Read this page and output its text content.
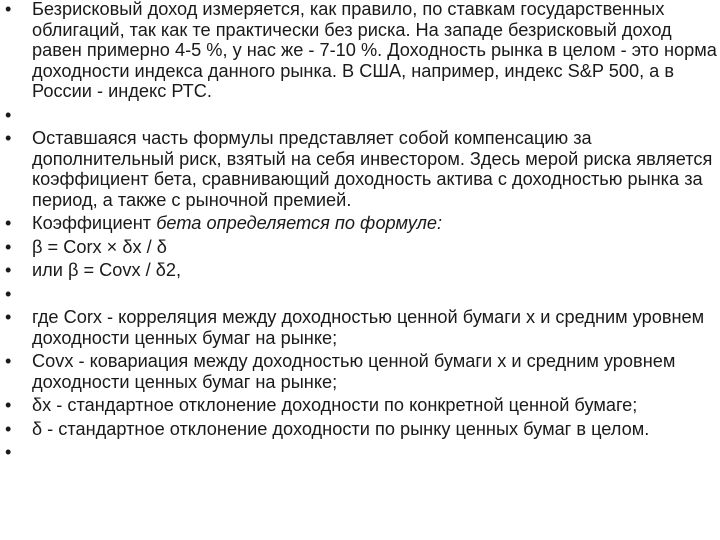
•	Безрисковый доход измеряется, как правило, по ставкам государственных облигаций, так как те практически без риска. На западе безрисковый доход равен примерно 4-5 %, у нас же - 7-10 %. Доходность рынка в целом - это норма доходности индекса данного рынка. В США, например, индекс S&P 500, а в России - индекс РТС.
•
•	Оставшаяся часть формулы представляет собой компенсацию за дополнительный риск, взятый на себя инвестором. Здесь мерой риска является коэффициент бета, сравнивающий доходность актива с доходностью рынка за период, а также с рыночной премией.
•	Коэффициент бета определяется по формуле:
•	β = Corx × δx / δ
•	или β = Covx / δ2,
•
•	где Corx - корреляция между доходностью ценной бумаги x и средним уровнем доходности ценных бумаг на рынке;
•	Covx - ковариация между доходностью ценной бумаги x и средним уровнем доходности ценных бумаг на рынке;
•	δx - стандартное отклонение доходности по конкретной ценной бумаге;
•	δ - стандартное отклонение доходности по рынку ценных бумаг в целом.
•
